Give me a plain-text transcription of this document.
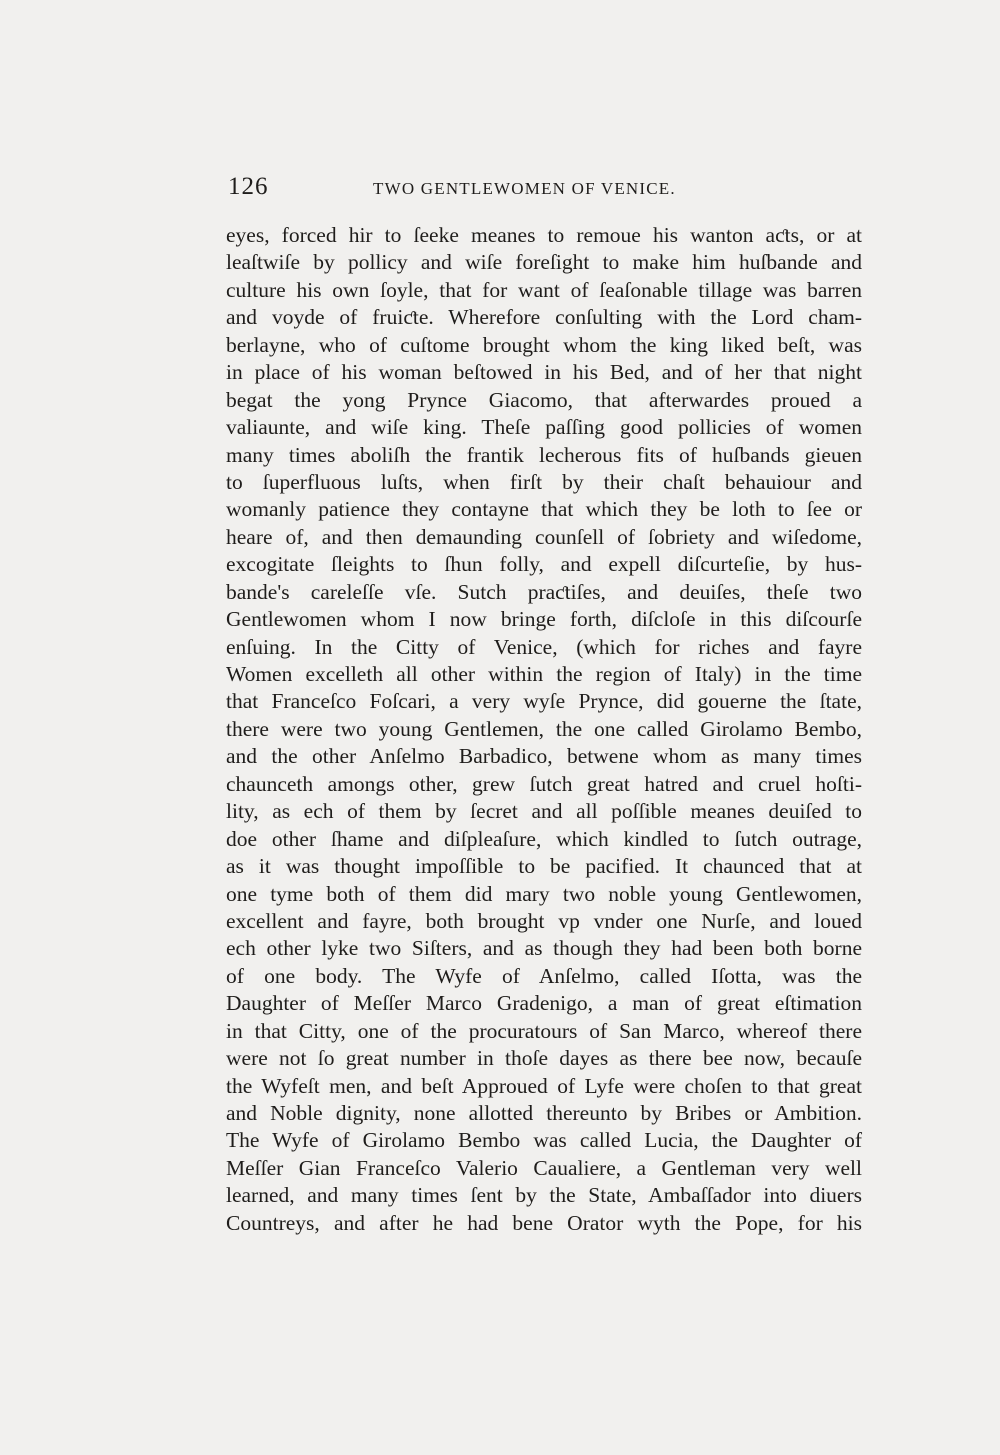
126	TWO GENTLEWOMEN OF VENICE.
eyes, forced hir to ſeeke meanes to remoue his wanton aƈts, or at
leaſtwiſe by pollicy and wiſe foreſight to make him huſbande and
culture his own ſoyle, that for want of ſeaſonable tillage was barren
and voyde of fruiƈte. Wherefore conſulting with the Lord cham-
berlayne, who of cuſtome brought whom the king liked beſt, was
in place of his woman beſtowed in his Bed, and of her that night
begat the yong Prynce Giacomo, that afterwardes proued a
valiaunte, and wiſe king. Theſe paſſing good pollicies of women
many times aboliſh the frantik lecherous fits of huſbands gieuen
to ſuperfluous luſts, when firſt by their chaſt behauiour and
womanly patience they contayne that which they be loth to ſee or
heare of, and then demaunding counſell of ſobriety and wiſedome,
excogitate ſleights to ſhun folly, and expell diſcurteſie, by hus-
bande's careleſſe vſe. Sutch praƈtiſes, and deuiſes, theſe two
Gentlewomen whom I now bringe forth, diſcloſe in this diſcourſe
enſuing. In the Citty of Venice, (which for riches and fayre
Women excelleth all other within the region of Italy) in the time
that Franceſco Foſcari, a very wyſe Prynce, did gouerne the ſtate,
there were two young Gentlemen, the one called Girolamo Bembo,
and the other Anſelmo Barbadico, betwene whom as many times
chaunceth amongs other, grew ſutch great hatred and cruel hoſti-
lity, as ech of them by ſecret and all poſſible meanes deuiſed to
doe other ſhame and diſpleaſure, which kindled to ſutch outrage,
as it was thought impoſſible to be pacified. It chaunced that at
one tyme both of them did mary two noble young Gentlewomen,
excellent and fayre, both brought vp vnder one Nurſe, and loued
ech other lyke two Siſters, and as though they had been both borne
of one body. The Wyfe of Anſelmo, called Iſotta, was the
Daughter of Meſſer Marco Gradenigo, a man of great eſtimation
in that Citty, one of the procuratours of San Marco, whereof there
were not ſo great number in thoſe dayes as there bee now, becauſe
the Wyfeſt men, and beſt Approued of Lyfe were choſen to that great
and Noble dignity, none allotted thereunto by Bribes or Ambition.
The Wyfe of Girolamo Bembo was called Lucia, the Daughter of
Meſſer Gian Franceſco Valerio Caualiere, a Gentleman very well
learned, and many times ſent by the State, Ambaſſador into diuers
Countreys, and after he had bene Orator wyth the Pope, for his
